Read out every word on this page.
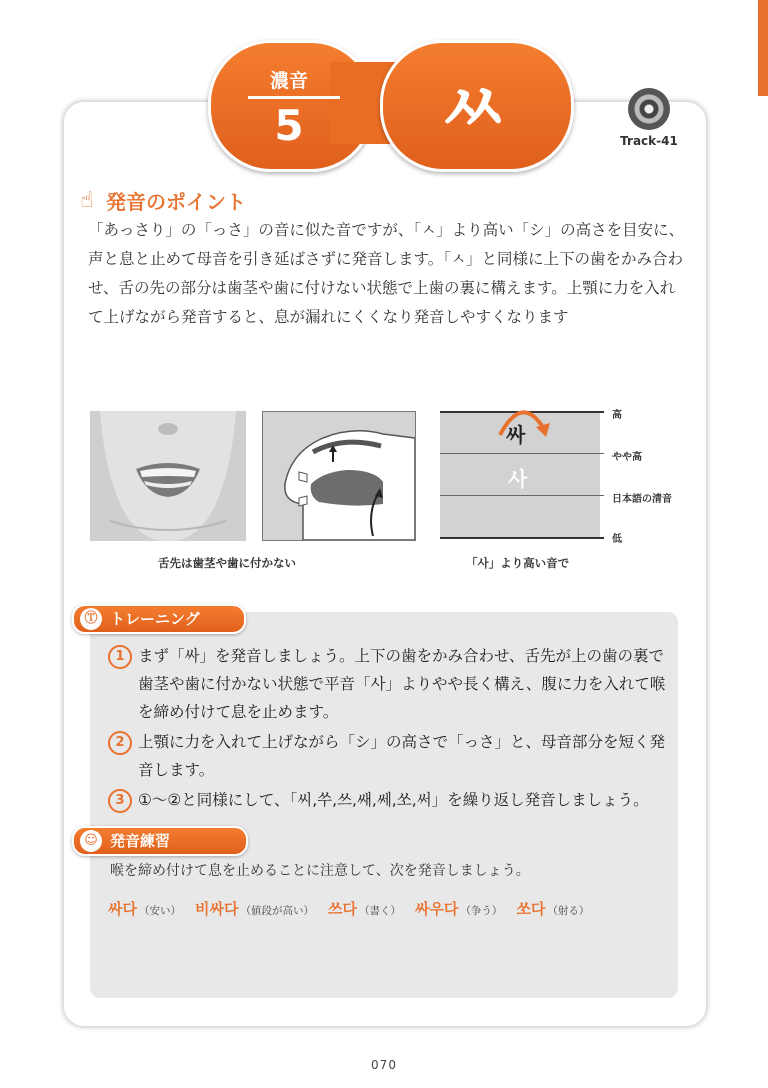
濃音
5	ㅆ	Track-41
☝ 発音のポイント
「あっさり」の「っさ」の音に似た音ですが、「ㅅ」より高い「シ」の高さを目安に、声と息と止めて母音を引き延ばさずに発音します。「ㅅ」と同様に上下の歯をかみ合わせ、舌の先の部分は歯茎や歯に付けない状態で上歯の裏に構えます。上顎に力を入れて上げながら発音すると、息が漏れにくくなり発音しやすくなります
舌先は歯茎や歯に付かない
싸
사
高
やや高
日本語の清音
低
「사」より高い音で
Ⓣ トレーニング
1 まず「싸」を発音しましょう。上下の歯をかみ合わせ、舌先が上の歯の裏で歯茎や歯に付かない状態で平音「사」よりやや長く構え、腹に力を入れて喉を締め付けて息を止めます。
2 上顎に力を入れて上げながら「シ」の高さで「っさ」と、母音部分を短く発音します。
3 ①～②と同様にして、「씨,쑤,쓰,쌔,쎄,쏘,써」を繰り返し発音しましょう。
☺ 発音練習
喉を締め付けて息を止めることに注意して、次を発音しましょう。
싸다 （安い） 비싸다 （値段が高い） 쓰다 （書く） 싸우다 （争う） 쏘다 （射る）
070
